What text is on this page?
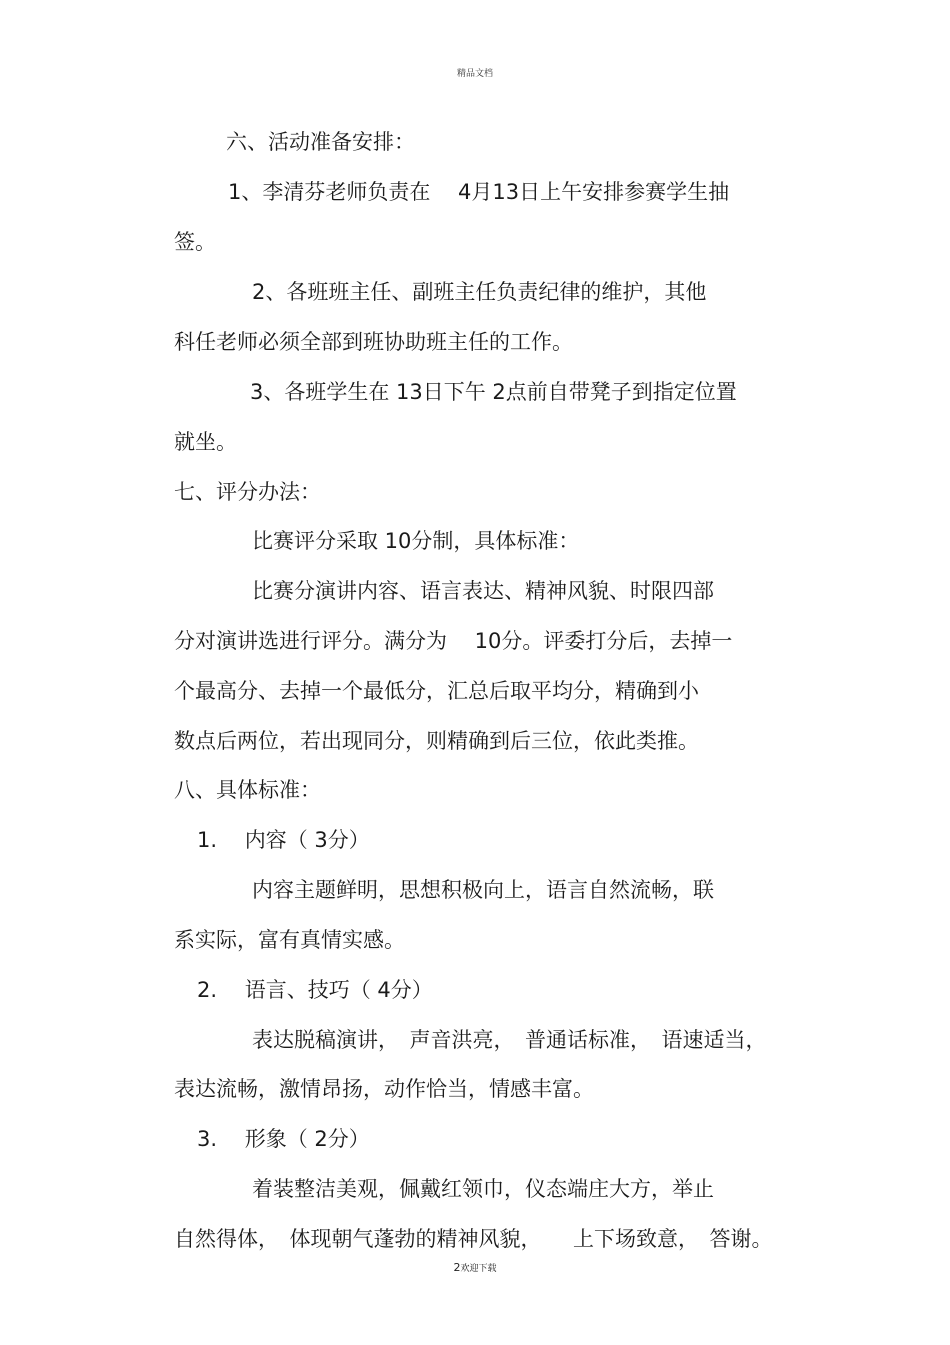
精品文档
六、活动准备安排：
1、李清芬老师负责在　 4月13日上午安排参赛学生抽
签。
2、各班班主任、副班主任负责纪律的维护，其他
科任老师必须全部到班协助班主任的工作。
3、各班学生在 13日下午 2点前自带凳子到指定位置
就坐。
七、评分办法：
比赛评分采取 10分制，具体标准：
比赛分演讲内容、语言表达、精神风貌、时限四部
分对演讲选进行评分。满分为　 10分。评委打分后，去掉一
个最高分、去掉一个最低分，汇总后取平均分，精确到小
数点后两位，若出现同分，则精确到后三位，依此类推。
八、具体标准：
1.　 内容（ 3分）
内容主题鲜明，思想积极向上，语言自然流畅，联
系实际，富有真情实感。
2.　 语言、技巧（ 4分）
表达脱稿演讲，　声音洪亮，　普通话标准，　语速适当，
表达流畅，激情昂扬，动作恰当，情感丰富。
3.　 形象（ 2分）
着装整洁美观，佩戴红领巾，仪态端庄大方，举止
自然得体，　体现朝气蓬勃的精神风貌，　　上下场致意，　答谢。
2欢迎下载
